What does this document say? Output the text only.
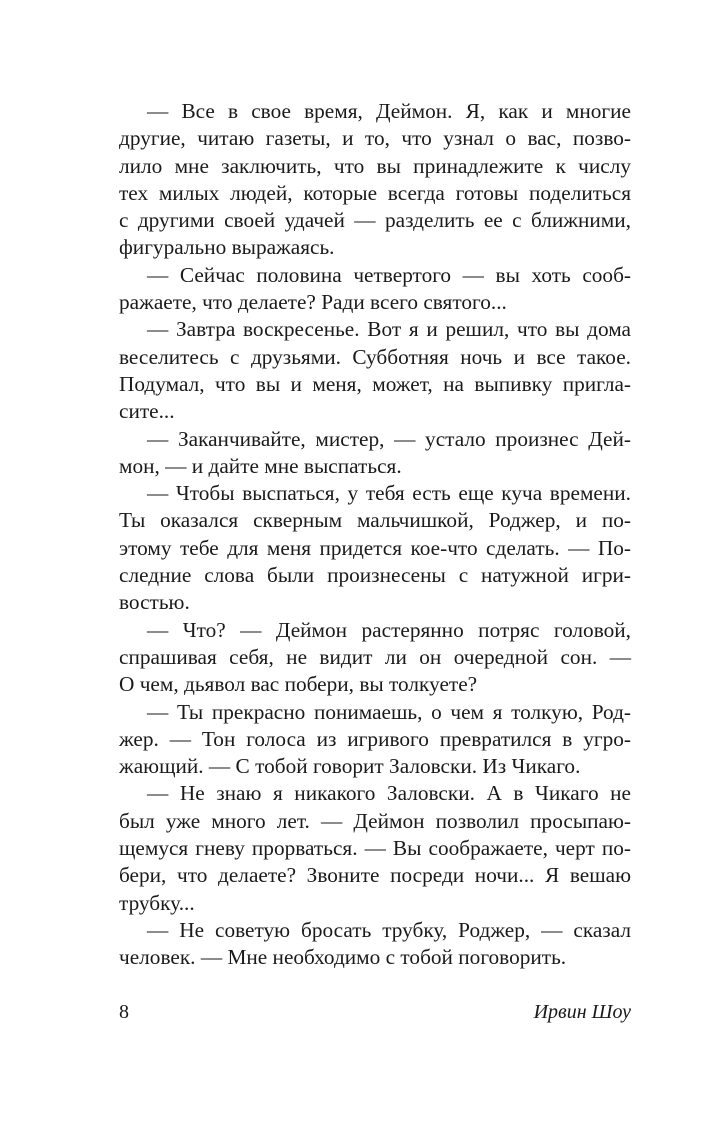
— Все в свое время, Деймон. Я, как и многие
другие, читаю газеты, и то, что узнал о вас, позво-
лило мне заключить, что вы принадлежите к числу
тех милых людей, которые всегда готовы поделиться
с другими своей удачей — разделить ее с ближними,
фигурально выражаясь.
— Сейчас половина четвертого — вы хоть сооб-
ражаете, что делаете? Ради всего святого...
— Завтра воскресенье. Вот я и решил, что вы дома
веселитесь с друзьями. Субботняя ночь и все такое.
Подумал, что вы и меня, может, на выпивку пригла-
сите...
— Заканчивайте, мистер, — устало произнес Дей-
мон, — и дайте мне выспаться.
— Чтобы выспаться, у тебя есть еще куча времени.
Ты оказался скверным мальчишкой, Роджер, и по-
этому тебе для меня придется кое-что сделать. — По-
следние слова были произнесены с натужной игри-
востью.
— Что? — Деймон растерянно потряс головой,
спрашивая себя, не видит ли он очередной сон. —
О чем, дьявол вас побери, вы толкуете?
— Ты прекрасно понимаешь, о чем я толкую, Род-
жер. — Тон голоса из игривого превратился в угро-
жающий. — С тобой говорит Заловски. Из Чикаго.
— Не знаю я никакого Заловски. А в Чикаго не
был уже много лет. — Деймон позволил просыпаю-
щемуся гневу прорваться. — Вы соображаете, черт по-
бери, что делаете? Звоните посреди ночи... Я вешаю
трубку...
— Не советую бросать трубку, Роджер, — сказал
человек. — Мне необходимо с тобой поговорить.
8	Ирвин Шоу
